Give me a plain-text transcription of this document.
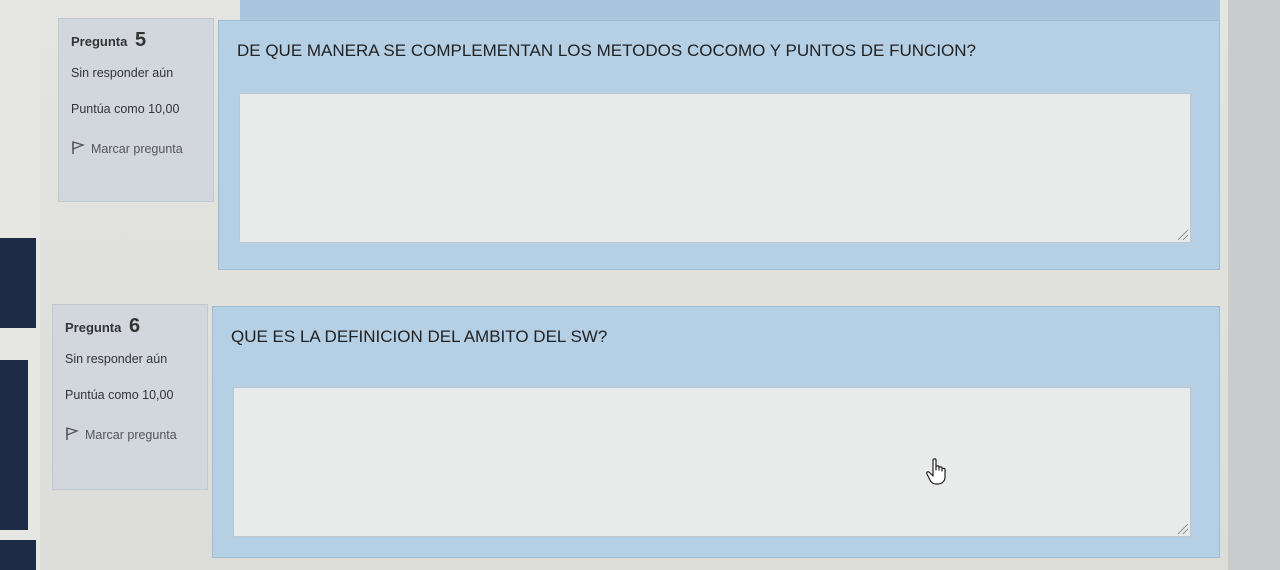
Pregunta 5
Sin responder aún
Puntúa como 10,00
Marcar pregunta
DE QUE MANERA SE COMPLEMENTAN LOS METODOS COCOMO Y PUNTOS DE FUNCION?
Pregunta 6
Sin responder aún
Puntúa como 10,00
Marcar pregunta
QUE ES LA DEFINICION DEL AMBITO DEL SW?
